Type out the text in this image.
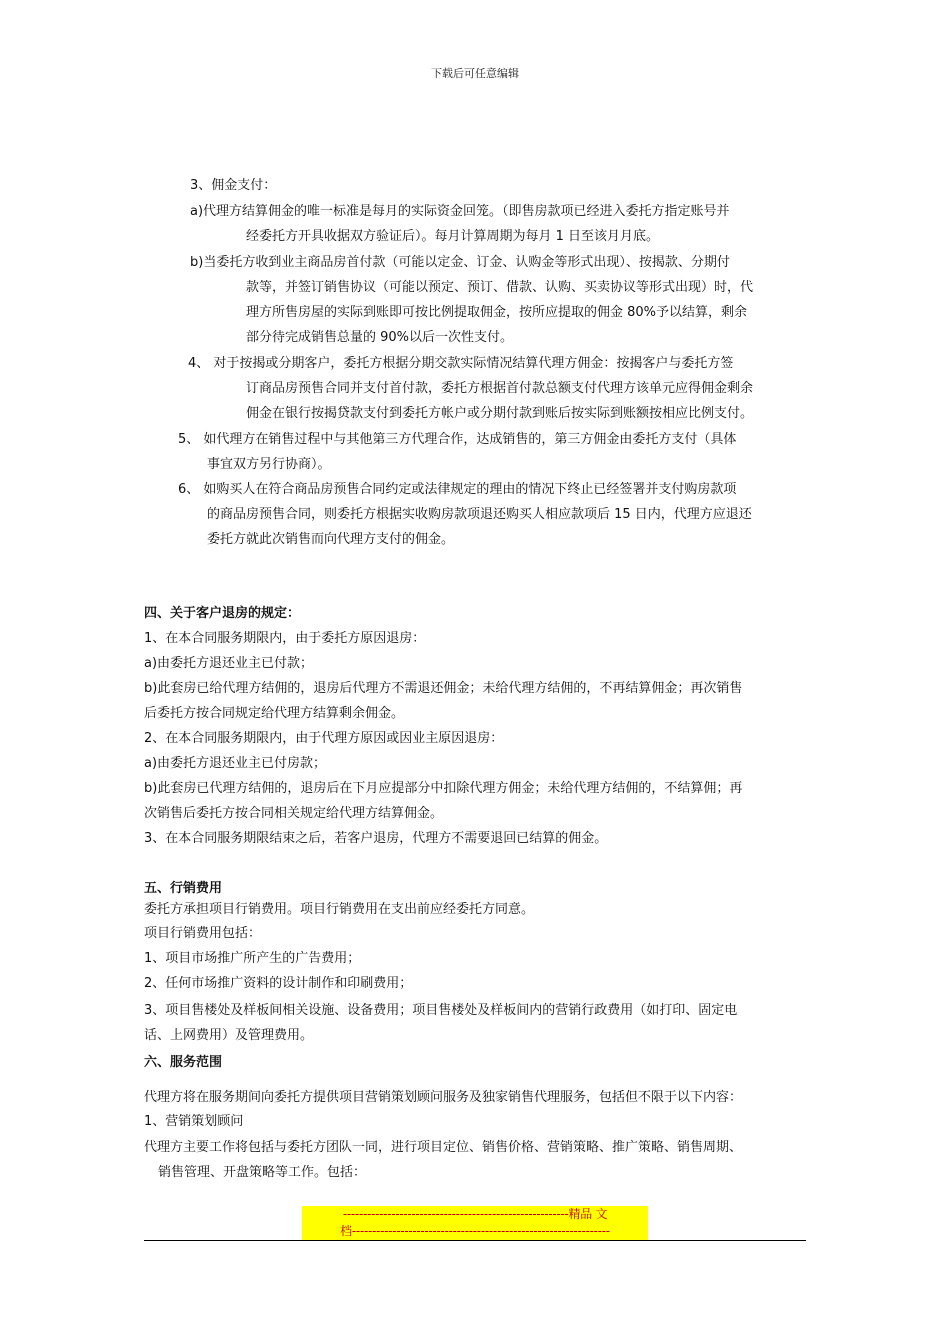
下载后可任意编辑
3、佣金支付：
a)代理方结算佣金的唯一标准是每月的实际资金回笼。（即售房款项已经进入委托方指定账号并
经委托方开具收据双方验证后）。每月计算周期为每月 1 日至该月月底。
b)当委托方收到业主商品房首付款（可能以定金、订金、认购金等形式出现）、按揭款、分期付
款等，并签订销售协议（可能以预定、预订、借款、认购、买卖协议等形式出现）时，代
理方所售房屋的实际到账即可按比例提取佣金，按所应提取的佣金 80%予以结算，剩余
部分待完成销售总量的 90%以后一次性支付。
4、 对于按揭或分期客户，委托方根据分期交款实际情况结算代理方佣金：按揭客户与委托方签
订商品房预售合同并支付首付款，委托方根据首付款总额支付代理方该单元应得佣金剩余
佣金在银行按揭贷款支付到委托方帐户或分期付款到账后按实际到账额按相应比例支付。
5、 如代理方在销售过程中与其他第三方代理合作，达成销售的，第三方佣金由委托方支付（具体
事宜双方另行协商）。
6、 如购买人在符合商品房预售合同约定或法律规定的理由的情况下终止已经签署并支付购房款项
的商品房预售合同，则委托方根据实收购房款项退还购买人相应款项后 15 日内，代理方应退还
委托方就此次销售而向代理方支付的佣金。
四、关于客户退房的规定：
1、在本合同服务期限内，由于委托方原因退房：
a)由委托方退还业主已付款；
b)此套房已给代理方结佣的，退房后代理方不需退还佣金；未给代理方结佣的，不再结算佣金；再次销售
后委托方按合同规定给代理方结算剩余佣金。
2、在本合同服务期限内，由于代理方原因或因业主原因退房：
a)由委托方退还业主已付房款；
b)此套房已代理方结佣的，退房后在下月应提部分中扣除代理方佣金；未给代理方结佣的，不结算佣；再
次销售后委托方按合同相关规定给代理方结算佣金。
3、在本合同服务期限结束之后，若客户退房，代理方不需要退回已结算的佣金。
五、行销费用
委托方承担项目行销费用。项目行销费用在支出前应经委托方同意。
项目行销费用包括：
1、项目市场推广所产生的广告费用；
2、任何市场推广资料的设计制作和印刷费用；
3、项目售楼处及样板间相关设施、设备费用；项目售楼处及样板间内的营销行政费用（如打印、固定电
话、上网费用）及管理费用。
六、服务范围
代理方将在服务期间向委托方提供项目营销策划顾问服务及独家销售代理服务，包括但不限于以下内容：
1、营销策划顾问
代理方主要工作将包括与委托方团队一同，进行项目定位、销售价格、营销策略、推广策略、销售周期、
销售管理、开盘策略等工作。包括：
--------------------------------------------------------精品 文
档----------------------------------------------------------------
